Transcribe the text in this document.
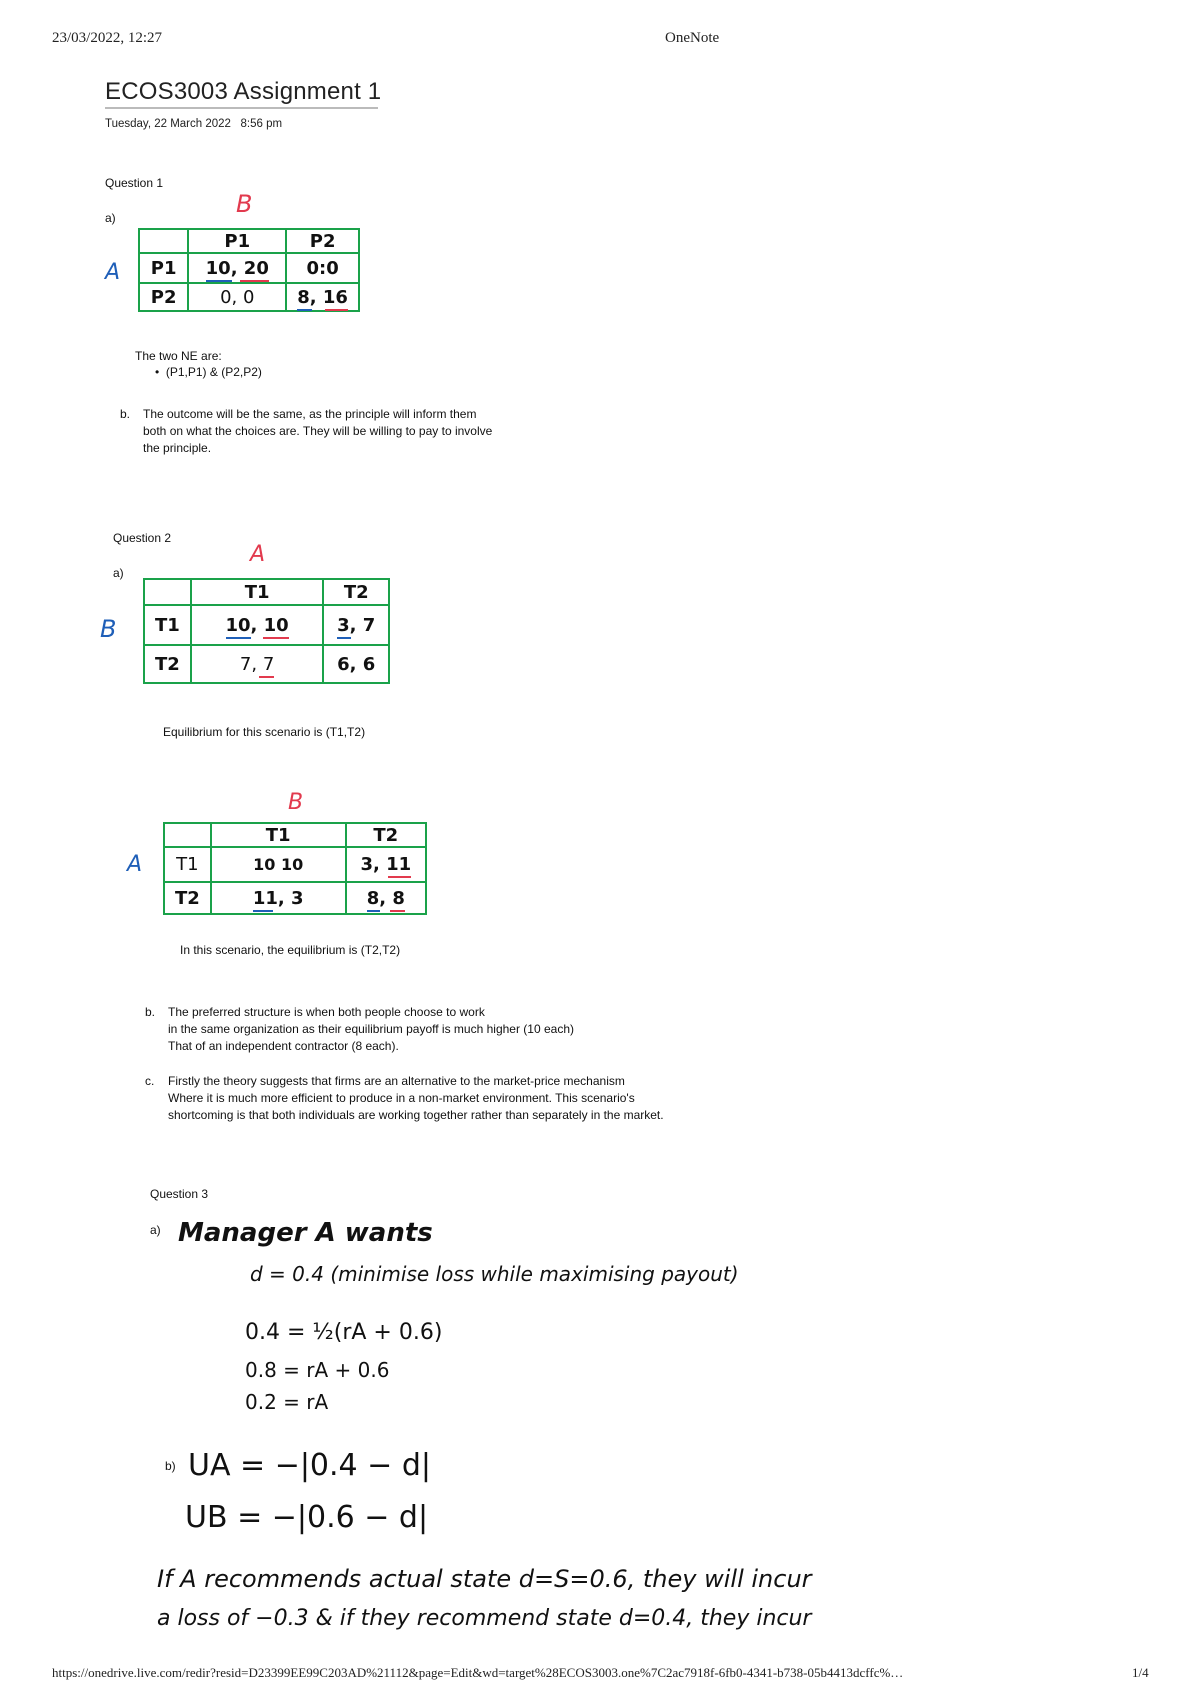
23/03/2022, 12:27	OneNote
ECOS3003 Assignment 1
Tuesday, 22 March 2022 8:56 pm
Question 1
a)	B
A
	P1	P2
P1	10, 20	0:0
P2	0, 0	8, 16
The two NE are:
•  (P1,P1) & (P2,P2)
b. The outcome will be the same, as the principle will inform them
both on what the choices are. They will be willing to pay to involve
the principle.
Question 2
a)
A
B
	T1	T2
T1	10, 10	3, 7

T2	7, 7	6, 6
Equilibrium for this scenario is (T1,T2)
B
A
	T1	T2
T1	10 10	3, 11

T2	11, 3	8, 8
In this scenario, the equilibrium is (T2,T2)
b. The preferred structure is when both people choose to work
in the same organization as their equilibrium payoff is much higher (10 each)
That of an independent contractor (8 each).
c. Firstly the theory suggests that firms are an alternative to the market-price mechanism
Where it is much more efficient to produce in a non-market environment. This scenario's
shortcoming is that both individuals are working together rather than separately in the market.
Question 3
a) Manager A wants
d = 0.4 (minimise loss while maximising payout)
0.4 = ½(rA + 0.6)
0.8 = rA + 0.6
0.2 = rA
b) UA = −|0.4 − d|
UB = −|0.6 − d|
If A recommends actual state d=S=0.6, they will incur
a loss of −0.3 & if they recommend state d=0.4, they incur
https://onedrive.live.com/redir?resid=D23399EE99C203AD%21112&page=Edit&wd=target%28ECOS3003.one%7C2ac7918f-6fb0-4341-b738-05b4413dcffc%…	1/4
